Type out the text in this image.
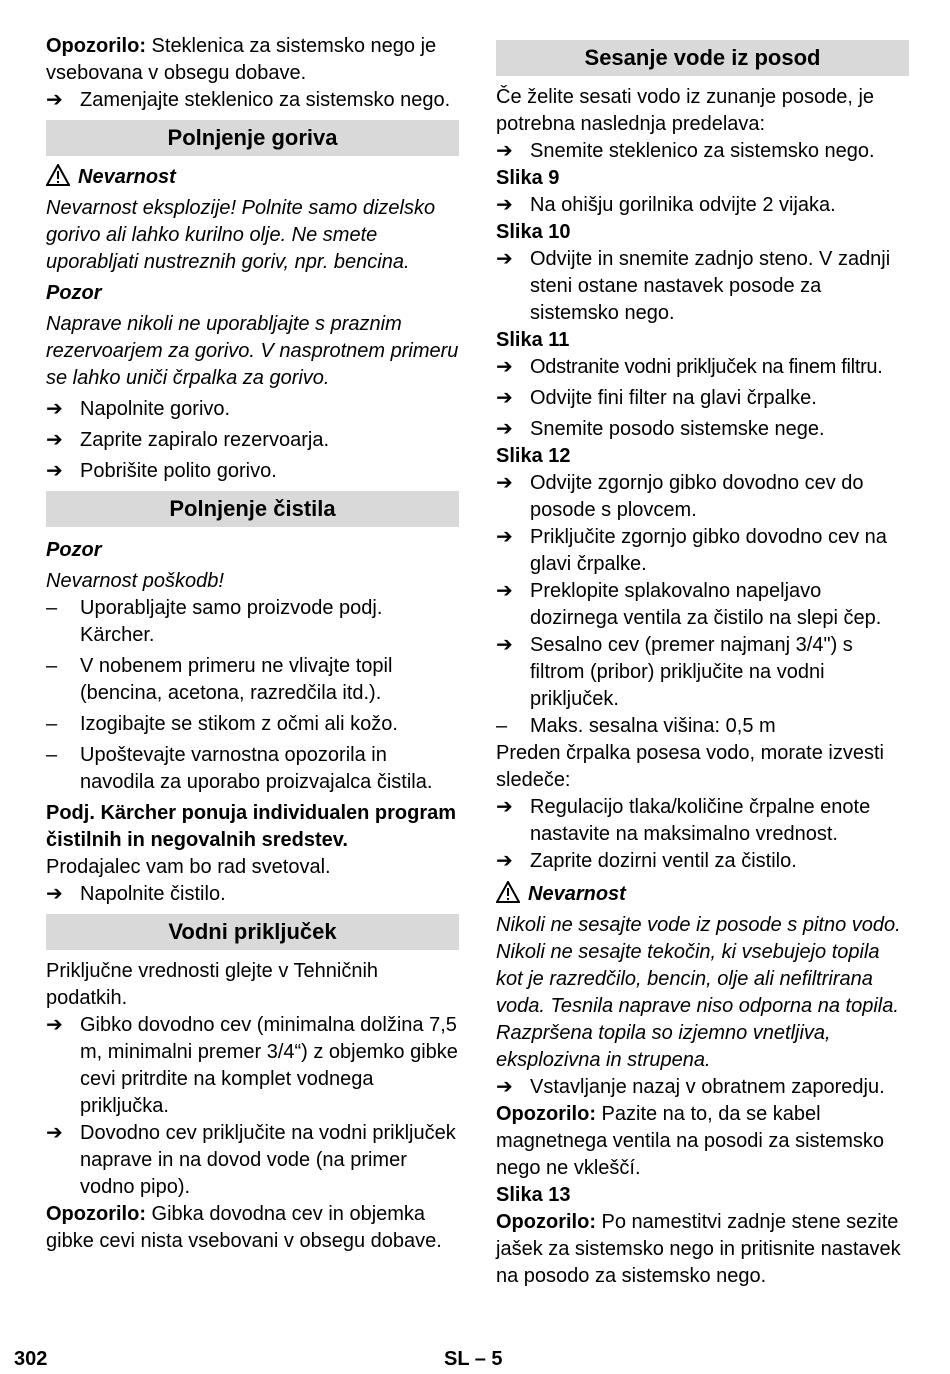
Opozorilo: Steklenica za sistemsko nego je vsebovana v obsegu dobave.

➔ Zamenjajte steklenico za sistemsko nego.
Polnjenje goriva

Nevarnost

Nevarnost eksplozije! Polnite samo dizelsko gorivo ali lahko kurilno olje. Ne smete uporabljati nustreznih goriv, npr. bencina.

Pozor

Naprave nikoli ne uporabljajte s praznim rezervoarjem za gorivo. V nasprotnem primeru se lahko uniči črpalka za gorivo.

➔ Napolnite gorivo.
➔ Zaprite zapiralo rezervoarja.
➔ Pobrišite polito gorivo.
Polnjenje čistila

Pozor

Nevarnost poškodb!

–	Uporabljajte samo proizvode podj. Kärcher.
–	V nobenem primeru ne vlivajte topil (bencina, acetona, razredčila itd.).
–	Izogibajte se stikom z očmi ali kožo.
–	Upoštevajte varnostna opozorila in navodila za uporabo proizvajalca čistila.

Podj. Kärcher ponuja individualen program čistilnih in negovalnih sredstev.

Prodajalec vam bo rad svetoval.

➔ Napolnite čistilo.
Vodni priključek

Priključne vrednosti glejte v Tehničnih podatkih.

➔ Gibko dovodno cev (minimalna dolžina 7,5 m, minimalni premer 3/4“) z objemko gibke cevi pritrdite na komplet vodnega priključka.
➔ Dovodno cev priključite na vodni priključek naprave in na dovod vode (na primer vodno pipo).

Opozorilo: Gibka dovodna cev in objemka gibke cevi nista vsebovani v obsegu dobave.

Sesanje vode iz posod

Če želite sesati vodo iz zunanje posode, je potrebna naslednja predelava:

➔ Snemite steklenico za sistemsko nego.

Slika 9

➔ Na ohišju gorilnika odvijte 2 vijaka.

Slika 10

➔ Odvijte in snemite zadnjo steno. V zadnji steni ostane nastavek posode za sistemsko nego.

Slika 11

➔ Odstranite vodni priključek na finem filtru.
➔ Odvijte fini filter na glavi črpalke.
➔ Snemite posodo sistemske nege.

Slika 12

➔ Odvijte zgornjo gibko dovodno cev do posode s plovcem.
➔ Priključite zgornjo gibko dovodno cev na glavi črpalke.
➔ Preklopite splakovalno napeljavo dozirnega ventila za čistilo na slepi čep.
➔ Sesalno cev (premer najmanj 3/4") s filtrom (pribor) priključite na vodni priključek.
–	Maks. sesalna višina: 0,5 m

Preden črpalka posesa vodo, morate izvesti sledeče:

➔ Regulacijo tlaka/količine črpalne enote nastavite na maksimalno vrednost.
➔ Zaprite dozirni ventil za čistilo.

Nevarnost

Nikoli ne sesajte vode iz posode s pitno vodo. Nikoli ne sesajte tekočin, ki vsebujejo topila kot je razredčilo, bencin, olje ali nefiltrirana voda. Tesnila naprave niso odporna na topila. Razpršena topila so izjemno vnetljiva, eksplozivna in strupena.

➔ Vstavljanje nazaj v obratnem zaporedju.

Opozorilo: Pazite na to, da se kabel magnetnega ventila na posodi za sistemsko nego ne vkleščí.

Slika 13

Opozorilo: Po namestitvi zadnje stene sezite jašek za sistemsko nego in pritisnite nastavek na posodo za sistemsko nego.

302	SL – 5
